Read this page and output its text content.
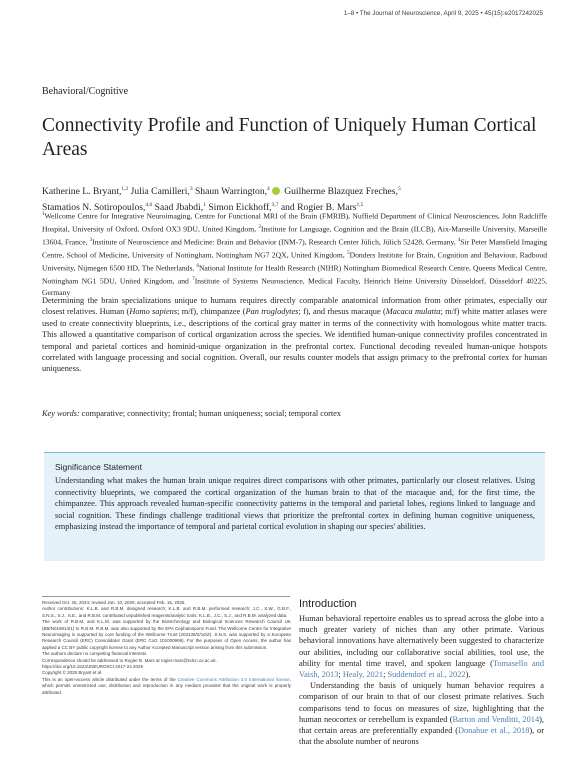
1–8 • The Journal of Neuroscience, April 9, 2025 • 45(15):e2017242025
Behavioral/Cognitive
Connectivity Profile and Function of Uniquely Human Cortical Areas
Katherine L. Bryant,$^{1,2}$ Julia Camilleri,$^3$ Shaun Warrington,$^4$ Guilherme Blazquez Freches,$^5$
Stamatios N. Sotiropoulos,$^{4,6}$ Saad Jbabdi,$^1$ Simon Eickhoff,$^{3,7}$ and Rogier B. Mars$^{1,5}$
$^1$Wellcome Centre for Integrative Neuroimaging, Centre for Functional MRI of the Brain (FMRIB), Nuffield Department of Clinical Neurosciences, John Radcliffe Hospital, University of Oxford, Oxford OX3 9DU, United Kingdom, $^2$Institute for Language, Cognition and the Brain (ILCB), Aix-Marseille University, Marseille 13604, France, $^3$Institute of Neuroscience and Medicine: Brain and Behavior (INM-7), Research Center Jülich, Jülich 52428, Germany, $^4$Sir Peter Mansfield Imaging Centre, School of Medicine, University of Nottingham, Nottingham NG7 2QX, United Kingdom, $^5$Donders Institute for Brain, Cognition and Behaviour, Radboud University, Nijmegen 6500 HD, The Netherlands, $^6$National Institute for Health Research (NIHR) Nottingham Biomedical Research Centre, Queens Medical Centre, Nottingham NG1 5DU, United Kingdom, and $^7$Institute of Systems Neuroscience, Medical Faculty, Heinrich Heine University Düsseldorf, Düsseldorf 40225, Germany
Determining the brain specializations unique to humans requires directly comparable anatomical information from other primates, especially our closest relatives. Human (Homo sapiens; m/f), chimpanzee (Pan troglodytes; f), and rhesus macaque (Macaca mulatta; m/f) white matter atlases were used to create connectivity blueprints, i.e., descriptions of the cortical gray matter in terms of the connectivity with homologous white matter tracts. This allowed a quantitative comparison of cortical organization across the species. We identified human-unique connectivity profiles concentrated in temporal and parietal cortices and hominid-unique organization in the prefrontal cortex. Functional decoding revealed human-unique hotspots correlated with language processing and social cognition. Overall, our results counter models that assign primacy to the prefrontal cortex for human uniqueness.
Key words: comparative; connectivity; frontal; human uniqueness; social; temporal cortex
Significance Statement
Understanding what makes the human brain unique requires direct comparisons with other primates, particularly our closest relatives. Using connectivity blueprints, we compared the cortical organization of the human brain to that of the macaque and, for the first time, the chimpanzee. This approach revealed human-specific connectivity patterns in the temporal and parietal lobes, regions linked to language and social cognition. These findings challenge traditional views that prioritize the prefrontal cortex in defining human cognitive uniqueness, emphasizing instead the importance of temporal and parietal cortical evolution in shaping our species' abilities.

Received Oct. 25, 2024; revised Jan. 10, 2025; accepted Feb. 15, 2025.

Author contributions: K.L.B. and R.B.M. designed research; K.L.B. and R.B.M. performed research; J.C., S.W., G.B.F., S.N.S., S.J., S.E., and R.B.M. contributed unpublished reagents/analytic tools; K.L.B., J.C., S.J., and R.B.M. analyzed data.

The work of R.B.M. and K.L.M. was supported by the Biotechnology and Biological Sciences Research Council UK (BB/N019814/1) to R.B.M. R.B.M. was also supported by the EPA Cephalosporin Fund. The Wellcome Centre for Integrative Neuroimaging is supported by core funding of the Wellcome Trust (203139/Z/16/Z). S.N.S. was supported by a European Research Council (ERC) Consolidator Grant (ERC CoG 101000969). For the purposes of Open Access, the author has applied a CC BY public copyright license to any Author Accepted Manuscript version arising from this submission.

The authors declare no competing financial interests.

Correspondence should be addressed to Rogier B. Mars at rogier.mars@ndcn.ox.ac.uk.

https://doi.org/10.1523/JNEUROSCI.2017-24.2025

Copyright © 2025 Bryant et al.

This is an open-access article distributed under the terms of the Creative Commons Attribution 4.0 International license, which permits unrestricted use, distribution and reproduction in any medium provided that the original work is properly attributed.

Introduction

Human behavioral repertoire enables us to spread across the globe into a much greater variety of niches than any other primate. Various behavioral innovations have alternatively been suggested to characterize our abilities, including our collaborative social abilities, tool use, the ability for mental time travel, and spoken language (Tomasello and Vaish, 2013; Healy, 2021; Suddendorf et al., 2022).

Understanding the basis of uniquely human behavior requires a comparison of our brain to that of our closest primate relatives. Such comparisons tend to focus on measures of size, highlighting that the human neocortex or cerebellum is expanded (Barton and Venditti, 2014), that certain areas are preferentially expanded (Donahue et al., 2018), or that the absolute number of neurons
